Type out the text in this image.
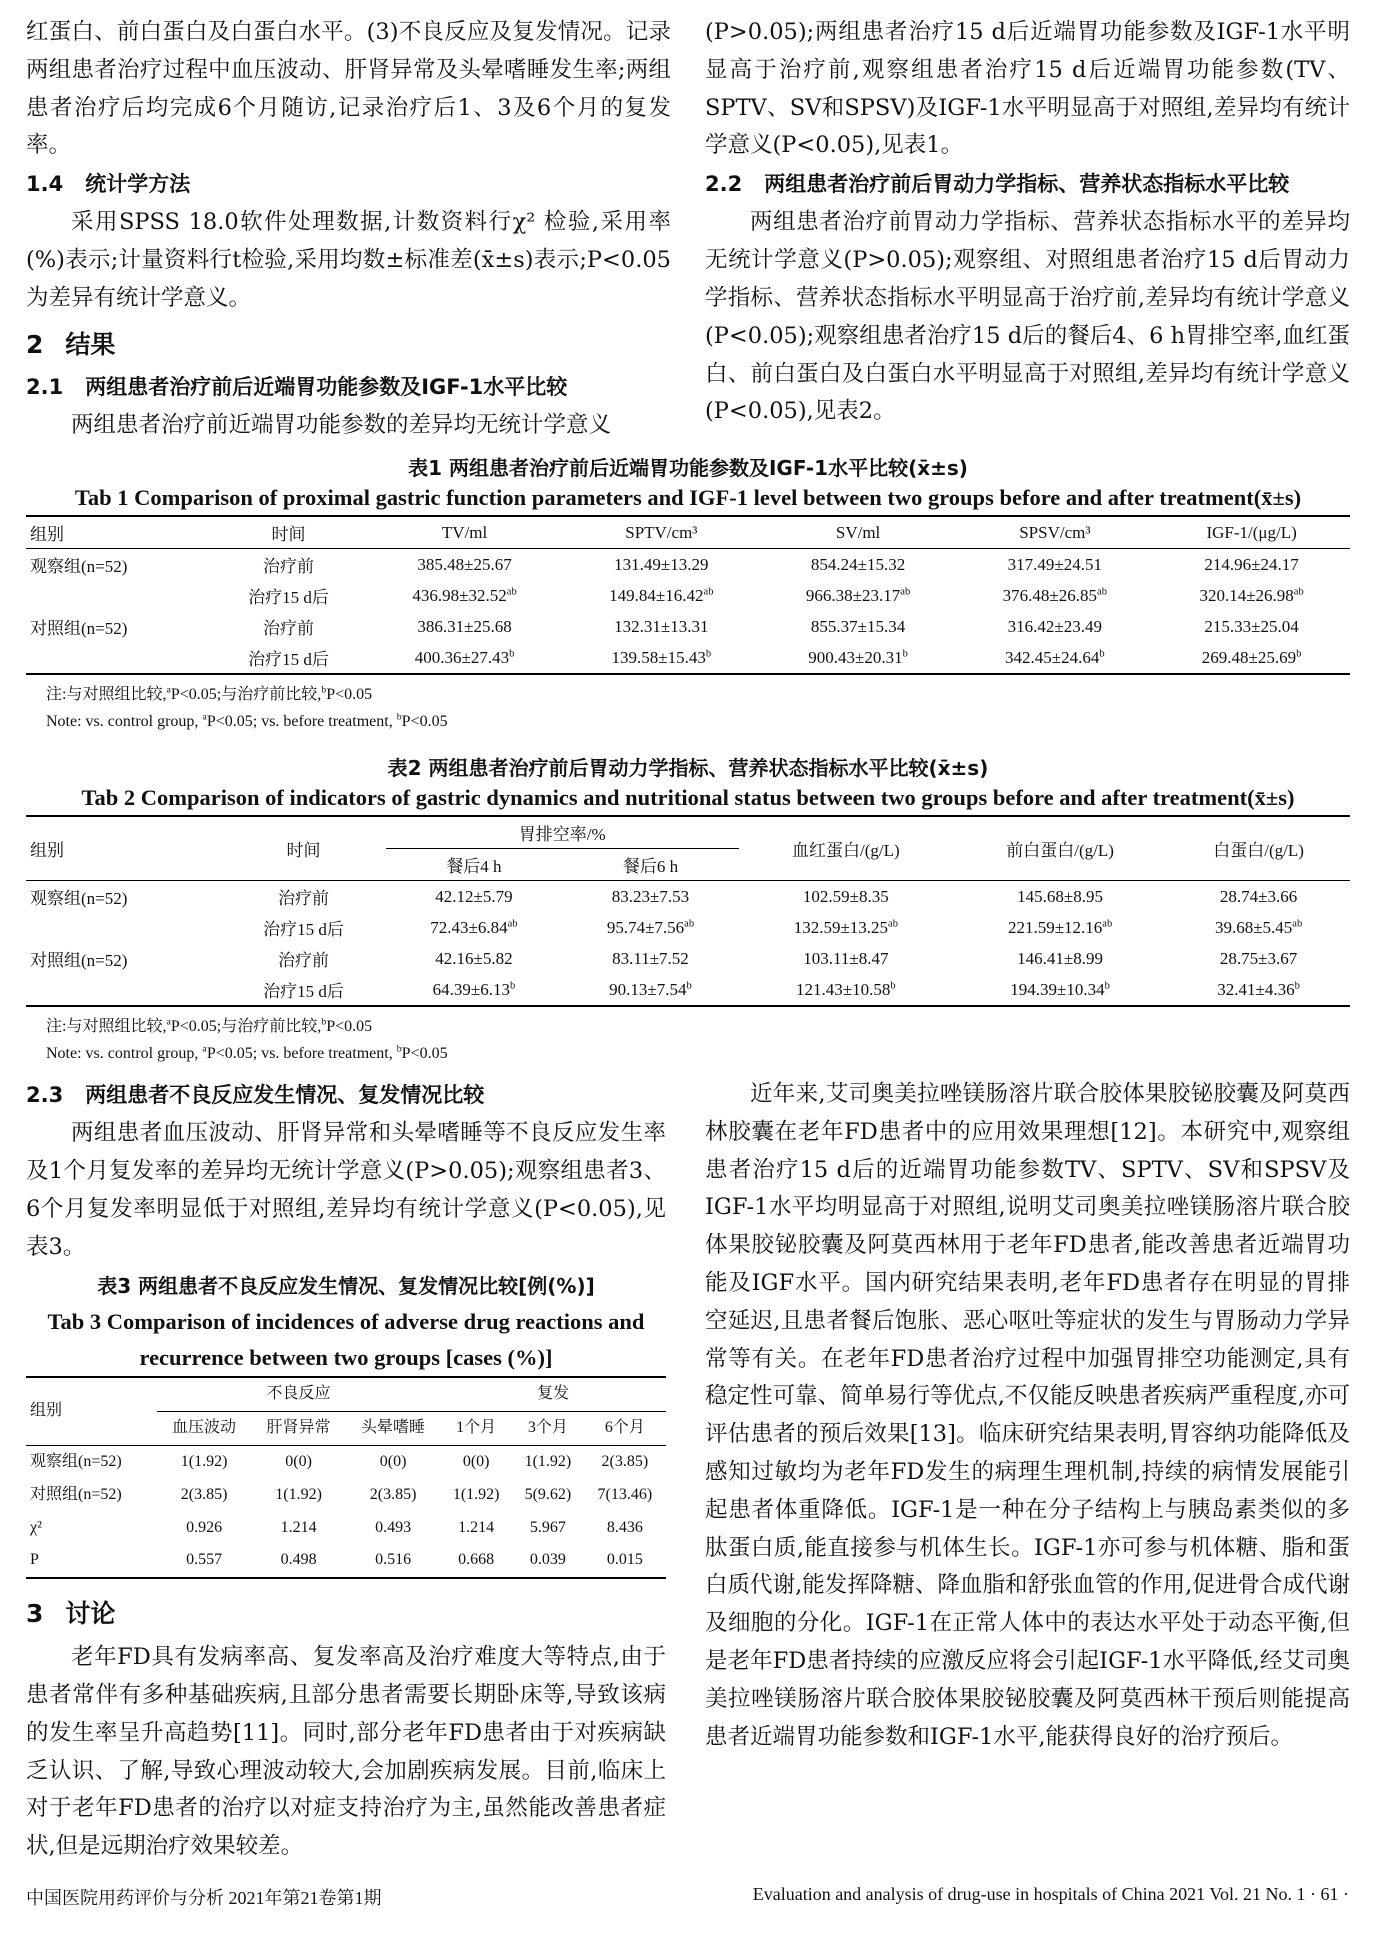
红蛋白、前白蛋白及白蛋白水平。(3)不良反应及复发情况。记录两组患者治疗过程中血压波动、肝肾异常及头晕嗜睡发生率;两组患者治疗后均完成6个月随访,记录治疗后1、3及6个月的复发率。

1.4 统计学方法

采用SPSS 18.0软件处理数据,计数资料行χ² 检验,采用率(%)表示;计量资料行t检验,采用均数±标准差(x̄±s)表示;P<0.05为差异有统计学意义。

2 结果

2.1 两组患者治疗前后近端胃功能参数及IGF-1水平比较

两组患者治疗前近端胃功能参数的差异均无统计学意义

(P>0.05);两组患者治疗15 d后近端胃功能参数及IGF-1水平明显高于治疗前,观察组患者治疗15 d后近端胃功能参数(TV、SPTV、SV和SPSV)及IGF-1水平明显高于对照组,差异均有统计学意义(P<0.05),见表1。

2.2 两组患者治疗前后胃动力学指标、营养状态指标水平比较

两组患者治疗前胃动力学指标、营养状态指标水平的差异均无统计学意义(P>0.05);观察组、对照组患者治疗15 d后胃动力学指标、营养状态指标水平明显高于治疗前,差异均有统计学意义(P<0.05);观察组患者治疗15 d后的餐后4、6 h胃排空率,血红蛋白、前白蛋白及白蛋白水平明显高于对照组,差异均有统计学意义(P<0.05),见表2。

表1 两组患者治疗前后近端胃功能参数及IGF-1水平比较(x̄±s)

Tab 1 Comparison of proximal gastric function parameters and IGF-1 level between two groups before and after treatment(x̄±s)

组别	时间	TV/ml	SPTV/cm³	SV/ml	SPSV/cm³	IGF-1/(μg/L)
观察组(n=52)	治疗前	385.48±25.67	131.49±13.29	854.24±15.32	317.49±24.51	214.96±24.17
	治疗15 d后	436.98±32.52$^{ab}$	149.84±16.42$^{ab}$	966.38±23.17$^{ab}$	376.48±26.85$^{ab}$	320.14±26.98$^{ab}$
对照组(n=52)	治疗前	386.31±25.68	132.31±13.31	855.37±15.34	316.42±23.49	215.33±25.04
	治疗15 d后	400.36±27.43$^b$	139.58±15.43$^b$	900.43±20.31$^b$	342.45±24.64$^b$	269.48±25.69$^b$
注:与对照组比较,$^a$P<0.05;与治疗前比较,$^b$P<0.05
Note: vs. control group, $^a$P<0.05; vs. before treatment, $^b$P<0.05

表2 两组患者治疗前后胃动力学指标、营养状态指标水平比较(x̄±s)

Tab 2 Comparison of indicators of gastric dynamics and nutritional status between two groups before and after treatment(x̄±s)

组别	时间	胃排空率/%		血红蛋白/(g/L)	前白蛋白/(g/L)	白蛋白/(g/L)
		餐后4 h	餐后6 h			
观察组(n=52)	治疗前	42.12±5.79	83.23±7.53	102.59±8.35	145.68±8.95	28.74±3.66
	治疗15 d后	72.43±6.84$^{ab}$	95.74±7.56$^{ab}$	132.59±13.25$^{ab}$	221.59±12.16$^{ab}$	39.68±5.45$^{ab}$
对照组(n=52)	治疗前	42.16±5.82	83.11±7.52	103.11±8.47	146.41±8.99	28.75±3.67
	治疗15 d后	64.39±6.13$^b$	90.13±7.54$^b$	121.43±10.58$^b$	194.39±10.34$^b$	32.41±4.36$^b$
注:与对照组比较,$^a$P<0.05;与治疗前比较,$^b$P<0.05
Note: vs. control group, $^a$P<0.05; vs. before treatment, $^b$P<0.05

2.3 两组患者不良反应发生情况、复发情况比较

两组患者血压波动、肝肾异常和头晕嗜睡等不良反应发生率及1个月复发率的差异均无统计学意义(P>0.05);观察组患者3、6个月复发率明显低于对照组,差异均有统计学意义(P<0.05),见表3。

表3 两组患者不良反应发生情况、复发情况比较[例(%)]

Tab 3 Comparison of incidences of adverse drug reactions and recurrence between two groups [cases (%)]

组别	不良反应			复发		
	血压波动	肝肾异常	头晕嗜睡	1个月	3个月	6个月
观察组(n=52)	1(1.92)	0(0)	0(0)	0(0)	1(1.92)	2(3.85)
对照组(n=52)	2(3.85)	1(1.92)	2(3.85)	1(1.92)	5(9.62)	7(13.46)
χ²	0.926	1.214	0.493	1.214	5.967	8.436
P	0.557	0.498	0.516	0.668	0.039	0.015

3 讨论

老年FD具有发病率高、复发率高及治疗难度大等特点,由于患者常伴有多种基础疾病,且部分患者需要长期卧床等,导致该病的发生率呈升高趋势[11]。同时,部分老年FD患者由于对疾病缺乏认识、了解,导致心理波动较大,会加剧疾病发展。目前,临床上对于老年FD患者的治疗以对症支持治疗为主,虽然能改善患者症状,但是远期治疗效果较差。

近年来,艾司奥美拉唑镁肠溶片联合胶体果胶铋胶囊及阿莫西林胶囊在老年FD患者中的应用效果理想[12]。本研究中,观察组患者治疗15 d后的近端胃功能参数TV、SPTV、SV和SPSV及IGF-1水平均明显高于对照组,说明艾司奥美拉唑镁肠溶片联合胶体果胶铋胶囊及阿莫西林用于老年FD患者,能改善患者近端胃功能及IGF水平。国内研究结果表明,老年FD患者存在明显的胃排空延迟,且患者餐后饱胀、恶心呕吐等症状的发生与胃肠动力学异常等有关。在老年FD患者治疗过程中加强胃排空功能测定,具有稳定性可靠、简单易行等优点,不仅能反映患者疾病严重程度,亦可评估患者的预后效果[13]。临床研究结果表明,胃容纳功能降低及感知过敏均为老年FD发生的病理生理机制,持续的病情发展能引起患者体重降低。IGF-1是一种在分子结构上与胰岛素类似的多肽蛋白质,能直接参与机体生长。IGF-1亦可参与机体糖、脂和蛋白质代谢,能发挥降糖、降血脂和舒张血管的作用,促进骨合成代谢及细胞的分化。IGF-1在正常人体中的表达水平处于动态平衡,但是老年FD患者持续的应激反应将会引起IGF-1水平降低,经艾司奥美拉唑镁肠溶片联合胶体果胶铋胶囊及阿莫西林干预后则能提高患者近端胃功能参数和IGF-1水平,能获得良好的治疗预后。

中国医院用药评价与分析 2021年第21卷第1期	Evaluation and analysis of drug-use in hospitals of China 2021 Vol. 21 No. 1 · 61 ·
